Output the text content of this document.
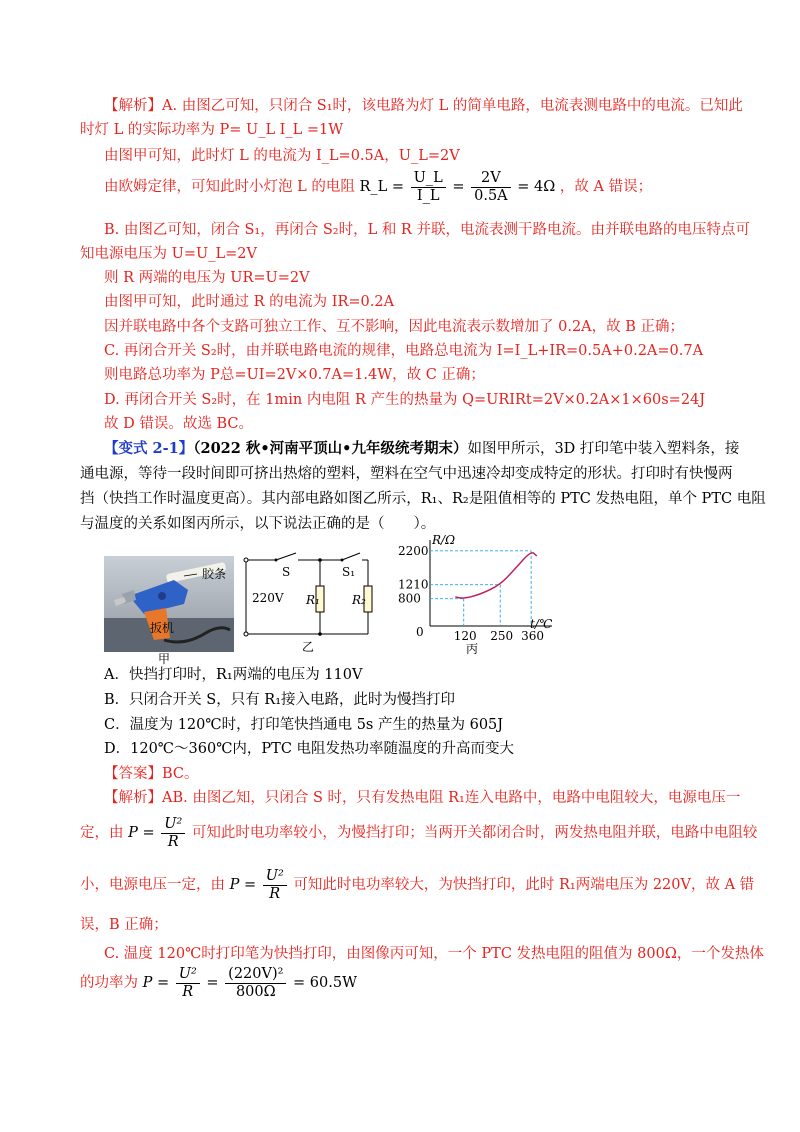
【解析】A. 由图乙可知，只闭合 S₁时，该电路为灯 L 的简单电路，电流表测电路中的电流。已知此
时灯 L 的实际功率为 P= U_L I_L =1W
由图甲可知，此时灯 L 的电流为 I_L=0.5A，U_L=2V
由欧姆定律，可知此时小灯泡 L 的电阻 R_L = $\frac{U\_L}{I\_L} = \frac{2V}{0.5A} = 4\Omega$ ，故 A 错误；
B. 由图乙可知，闭合 S₁，再闭合 S₂时，L 和 R 并联，电流表测干路电流。由并联电路的电压特点可
知电源电压为 U=U_L=2V
则 R 两端的电压为 UR=U=2V
由图甲可知，此时通过 R 的电流为 IR=0.2A
因并联电路中各个支路可独立工作、互不影响，因此电流表示数增加了 0.2A，故 B 正确；
C. 再闭合开关 S₂时，由并联电路电流的规律，电路总电流为 I=I_L+IR=0.5A+0.2A=0.7A
则电路总功率为 P总=UI=2V×0.7A=1.4W，故 C 正确；
D. 再闭合开关 S₂时，在 1min 内电阻 R 产生的热量为 Q=URIRt=2V×0.2A×1×60s=24J
故 D 错误。故选 BC。
【变式 2-1】（2022 秋•河南平顶山•九年级统考期末）如图甲所示，3D 打印笔中装入塑料条，接
通电源，等待一段时间即可挤出热熔的塑料，塑料在空气中迅速冷却变成特定的形状。打印时有快慢两
挡（快挡工作时温度更高）。其内部电路如图乙所示，R₁、R₂是阻值相等的 PTC 发热电阻，单个 PTC 电阻
与温度的关系如图丙所示，以下说法正确的是（　　）。
胶条
扳机
甲
220V
S	S₁
R₁	R₂
乙
R/Ω
t/℃
2200
1210
800
0	120 250 360
丙
A．快挡打印时，R₁两端的电压为 110V
B．只闭合开关 S，只有 R₁接入电路，此时为慢挡打印
C．温度为 120℃时，打印笔快挡通电 5s 产生的热量为 605J
D．120℃～360℃内，PTC 电阻发热功率随温度的升高而变大
【答案】BC。
【解析】AB. 由图乙知，只闭合 S 时，只有发热电阻 R₁连入电路中，电路中电阻较大，电源电压一
定，由 $P = \frac{\text{U²}}{R}$ 可知此时电功率较小，为慢挡打印；当两开关都闭合时，两发热电阻并联，电路中电阻较
小，电源电压一定，由 $P = \frac{\text{U²}}{R}$ 可知此时电功率较大，为快挡打印，此时 R₁两端电压为 220V，故 A 错
误，B 正确；
C. 温度 120℃时打印笔为快挡打印，由图像丙可知，一个 PTC 发热电阻的阻值为 800Ω，一个发热体
的功率为 $P = \frac{\text{U²}}{R} = \frac{\text{(220V)²}}{800\Omega} = 60.5W$
